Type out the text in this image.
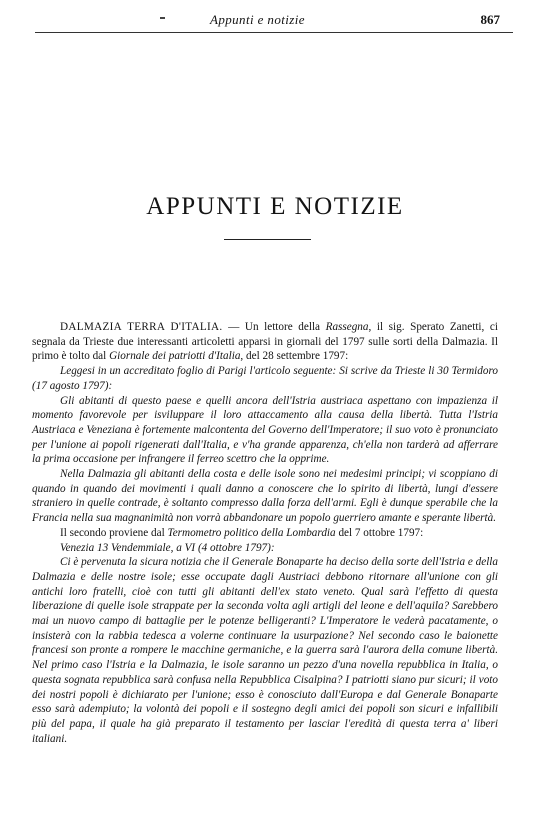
Appunti e notizie	867
APPUNTI E NOTIZIE

DALMAZIA TERRA D'ITALIA. — Un lettore della Rassegna, il sig. Sperato Zanetti, ci segnala da Trieste due interessanti articoletti apparsi in giornali del 1797 sulle sorti della Dalmazia. Il primo è tolto dal Giornale dei patriotti d'Italia, del 28 settembre 1797:

Leggesi in un accreditato foglio di Parigi l'articolo seguente: Si scrive da Trieste li 30 Termidoro (17 agosto 1797):

Gli abitanti di questo paese e quelli ancora dell'Istria austriaca aspettano con impazienza il momento favorevole per isviluppare il loro attaccamento alla causa della libertà. Tutta l'Istria Austriaca e Veneziana è fortemente malcontenta del Governo dell'Imperatore; il suo voto è pronunciato per l'unione ai popoli rigenerati dall'Italia, e v'ha grande apparenza, ch'ella non tarderà ad afferrare la prima occasione per infrangere il ferreo scettro che la opprime.

Nella Dalmazia gli abitanti della costa e delle isole sono nei medesimi principi; vi scoppiano di quando in quando dei movimenti i quali danno a conoscere che lo spirito di libertà, lungi d'essere straniero in quelle contrade, è soltanto compresso dalla forza dell'armi. Egli è dunque sperabile che la Francia nella sua magnanimità non vorrà abbandonare un popolo guerriero amante e sperante libertà.

Il secondo proviene dal Termometro politico della Lombardia del 7 ottobre 1797:

Venezia 13 Vendemmiale, a VI (4 ottobre 1797):

Ci è pervenuta la sicura notizia che il Generale Bonaparte ha deciso della sorte dell'Istria e della Dalmazia e delle nostre isole; esse occupate dagli Austriaci debbono ritornare all'unione con gli antichi loro fratelli, cioè con tutti gli abitanti dell'ex stato veneto. Qual sarà l'effetto di questa liberazione di quelle isole strappate per la seconda volta agli artigli del leone e dell'aquila? Sarebbero mai un nuovo campo di battaglie per le potenze belligeranti? L'Imperatore le vederà pacatamente, o insisterà con la rabbia tedesca a volerne continuare la usurpazione? Nel secondo caso le baionette francesi son pronte a rompere le macchine germaniche, e la guerra sarà l'aurora della comune libertà. Nel primo caso l'Istria e la Dalmazia, le isole saranno un pezzo d'una novella repubblica in Italia, o questa sognata repubblica sarà confusa nella Repubblica Cisalpina? I patriotti siano pur sicuri; il voto dei nostri popoli è dichiarato per l'unione; esso è conosciuto dall'Europa e dal Generale Bonaparte esso sarà adempiuto; la volontà dei popoli e il sostegno degli amici dei popoli son sicuri e infallibili più del papa, il quale ha già preparato il testamento per lasciar l'eredità di questa terra a' liberi italiani.
